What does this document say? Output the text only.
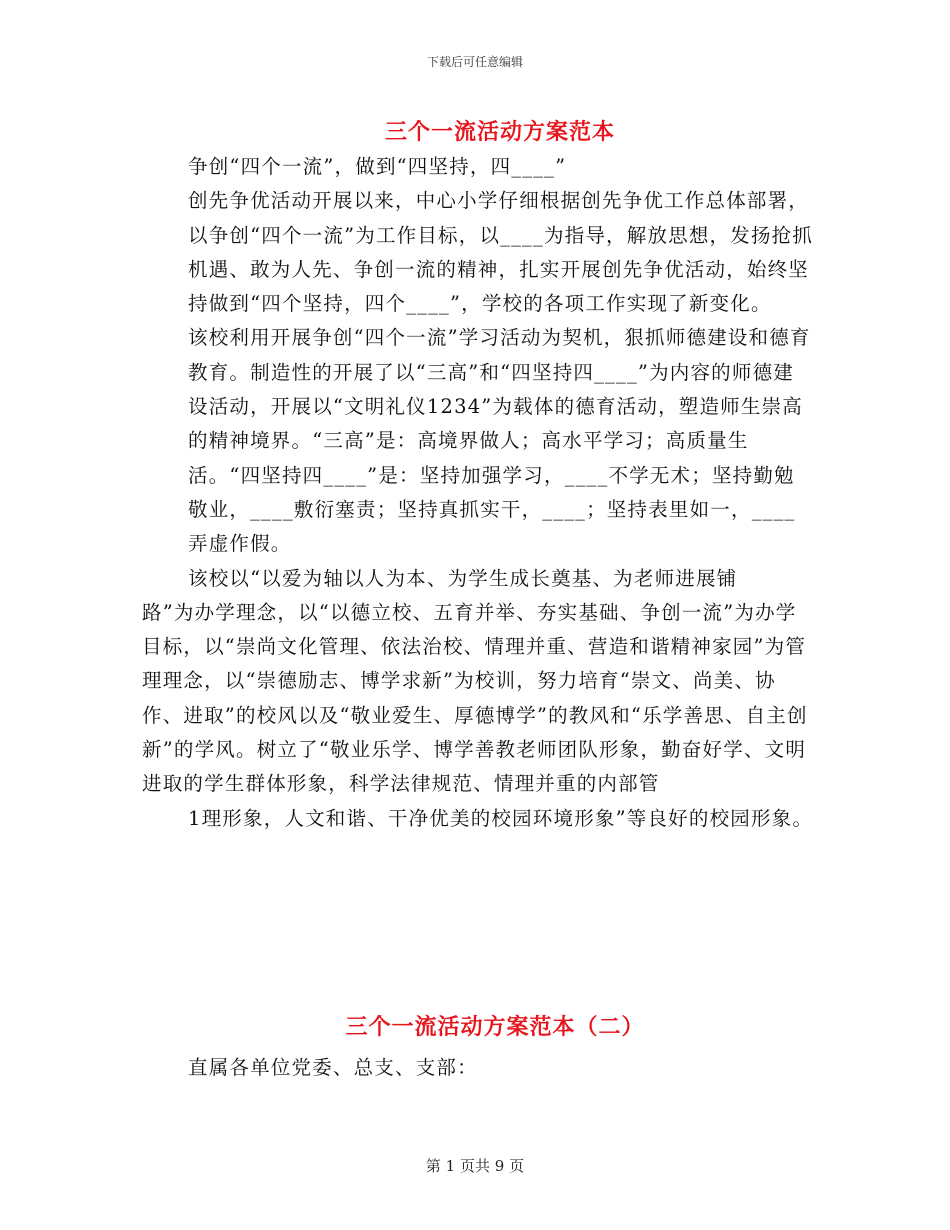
下载后可任意编辑
三个一流活动方案范本

争创“四个一流”，做到“四坚持，四____”

创先争优活动开展以来，中心小学仔细根据创先争优工作总体部署，以争创“四个一流”为工作目标，以____为指导，解放思想，发扬抢抓机遇、敢为人先、争创一流的精神，扎实开展创先争优活动，始终坚持做到“四个坚持，四个____”，学校的各项工作实现了新变化。

该校利用开展争创“四个一流”学习活动为契机，狠抓师德建设和德育教育。制造性的开展了以“三高”和“四坚持四____”为内容的师德建设活动，开展以“文明礼仪1234”为载体的德育活动，塑造师生崇高的精神境界。“三高”是：高境界做人；高水平学习；高质量生活。“四坚持四____”是：坚持加强学习，____不学无术；坚持勤勉敬业，____敷衍塞责；坚持真抓实干，____；坚持表里如一，____弄虚作假。

该校以“以爱为轴以人为本、为学生成长奠基、为老师进展铺

路”为办学理念，以“以德立校、五育并举、夯实基础、争创一流”为办学目标，以“崇尚文化管理、依法治校、情理并重、营造和谐精神家园”为管理理念，以“崇德励志、博学求新”为校训，努力培育“崇文、尚美、协作、进取”的校风以及“敬业爱生、厚德博学”的教风和“乐学善思、自主创新”的学风。树立了“敬业乐学、博学善教老师团队形象，勤奋好学、文明进取的学生群体形象，科学法律规范、情理并重的内部管

1理形象，人文和谐、干净优美的校园环境形象”等良好的校园形象。

三个一流活动方案范本（二）

直属各单位党委、总支、支部：

第 1 页共 9 页
